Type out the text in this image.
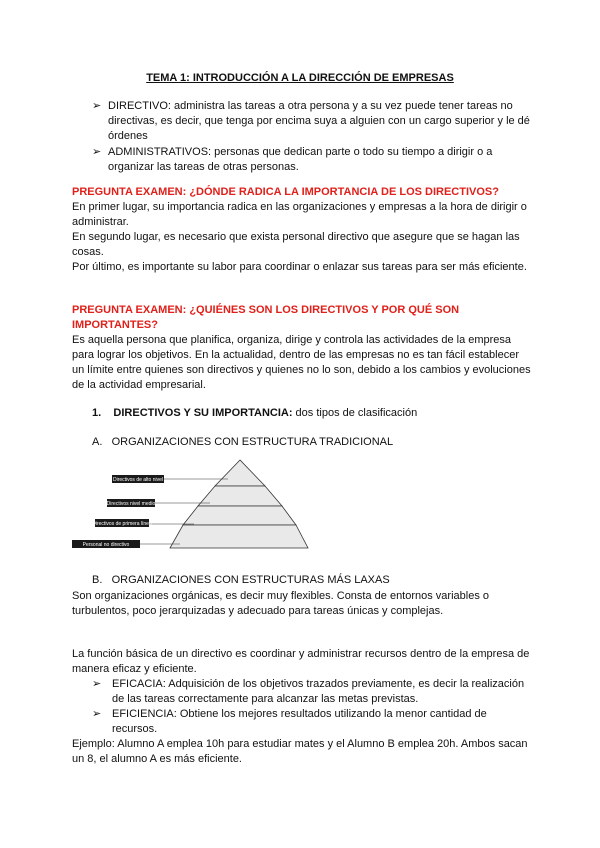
TEMA 1: INTRODUCCIÓN A LA DIRECCIÓN DE EMPRESAS
➢ DIRECTIVO: administra las tareas a otra persona y a su vez puede tener tareas no directivas, es decir, que tenga por encima suya a alguien con un cargo superior y le dé órdenes
➢ ADMINISTRATIVOS: personas que dedican parte o todo su tiempo a dirigir o a organizar las tareas de otras personas.
PREGUNTA EXAMEN: ¿DÓNDE RADICA LA IMPORTANCIA DE LOS DIRECTIVOS?
En primer lugar, su importancia radica en las organizaciones y empresas a la hora de dirigir o administrar.
En segundo lugar, es necesario que exista personal directivo que asegure que se hagan las cosas.
Por último, es importante su labor para coordinar o enlazar sus tareas para ser más eficiente.
PREGUNTA EXAMEN: ¿QUIÉNES SON LOS DIRECTIVOS Y POR QUÉ SON IMPORTANTES?
Es aquella persona que planifica, organiza, dirige y controla las actividades de la empresa para lograr los objetivos. En la actualidad, dentro de las empresas no es tan fácil establecer un límite entre quienes son directivos y quienes no lo son, debido a los cambios y evoluciones de la actividad empresarial.
1. DIRECTIVOS Y SU IMPORTANCIA: dos tipos de clasificación
A. ORGANIZACIONES CON ESTRUCTURA TRADICIONAL
Directivos de alto nivel
Directivos nivel medio
Directivos de primera línea
Personal no directivo
B. ORGANIZACIONES CON ESTRUCTURAS MÁS LAXAS
Son organizaciones orgánicas, es decir muy flexibles. Consta de entornos variables o turbulentos, poco jerarquizadas y adecuado para tareas únicas y complejas.
La función básica de un directivo es coordinar y administrar recursos dentro de la empresa de manera eficaz y eficiente.
➢ EFICACIA: Adquisición de los objetivos trazados previamente, es decir la realización de las tareas correctamente para alcanzar las metas previstas.
➢ EFICIENCIA: Obtiene los mejores resultados utilizando la menor cantidad de recursos.
Ejemplo: Alumno A emplea 10h para estudiar mates y el Alumno B emplea 20h. Ambos sacan un 8, el alumno A es más eficiente.
